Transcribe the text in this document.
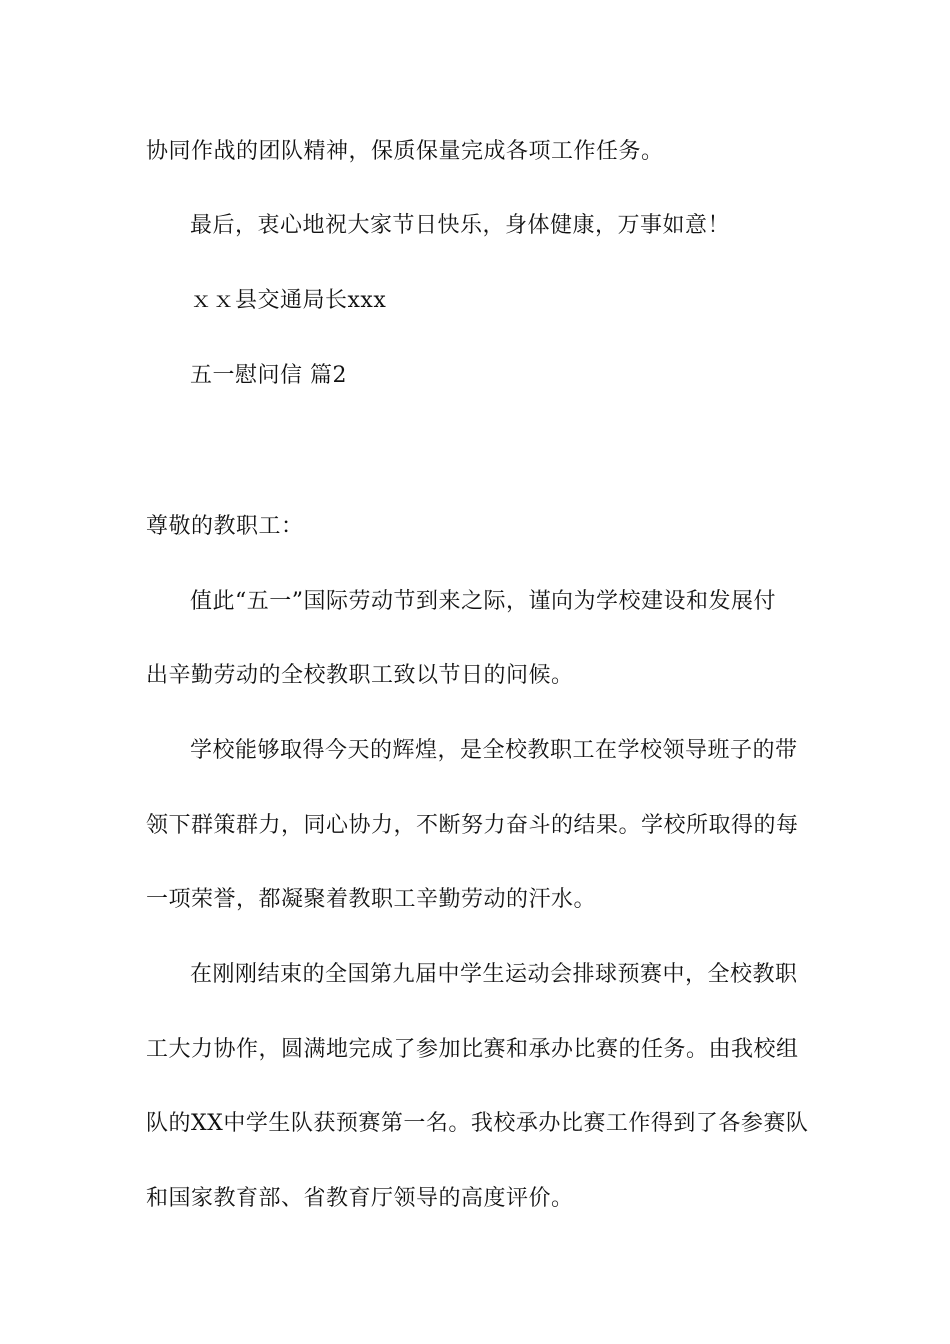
协同作战的团队精神，保质保量完成各项工作任务。
最后，衷心地祝大家节日快乐，身体健康，万事如意！
ｘｘ县交通局长xxx
五一慰问信 篇2
尊敬的教职工：
值此“五一”国际劳动节到来之际，谨向为学校建设和发展付
出辛勤劳动的全校教职工致以节日的问候。
学校能够取得今天的辉煌，是全校教职工在学校领导班子的带
领下群策群力，同心协力，不断努力奋斗的结果。学校所取得的每
一项荣誉，都凝聚着教职工辛勤劳动的汗水。
在刚刚结束的全国第九届中学生运动会排球预赛中，全校教职
工大力协作，圆满地完成了参加比赛和承办比赛的任务。由我校组
队的XX中学生队获预赛第一名。我校承办比赛工作得到了各参赛队
和国家教育部、省教育厅领导的高度评价。
